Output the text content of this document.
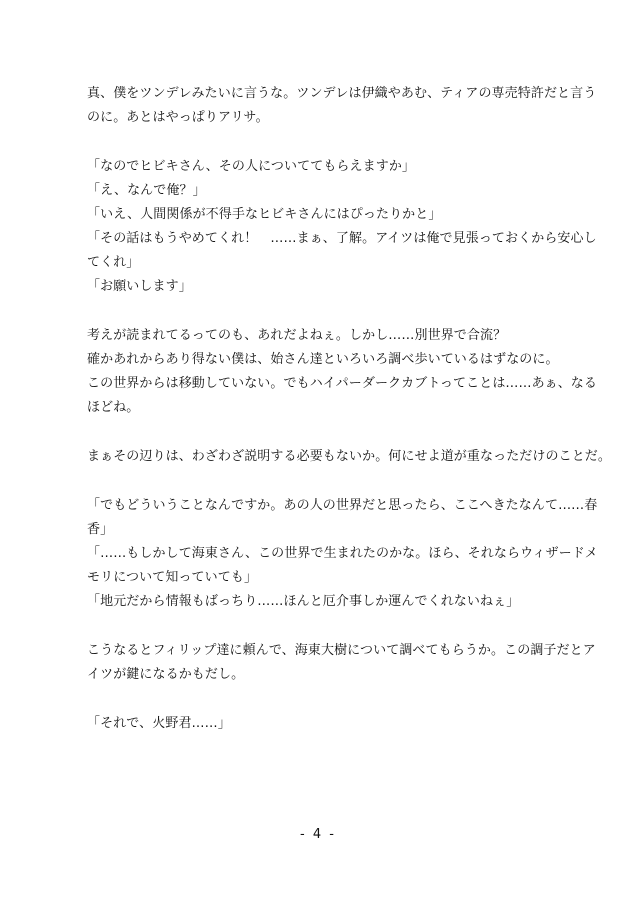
真、僕をツンデレみたいに言うな。ツンデレは伊織やあむ、ティアの専売特許だと言う
のに。あとはやっぱりアリサ。
「なのでヒビキさん、その人についててもらえますか」
「え、なんで俺？」
「いえ、人間関係が不得手なヒビキさんにはぴったりかと」
「その話はもうやめてくれ！　……まぁ、了解。アイツは俺で見張っておくから安心し
てくれ」
「お願いします」
考えが読まれてるってのも、あれだよねぇ。しかし……別世界で合流？
確かあれからあり得ない僕は、始さん達といろいろ調べ歩いているはずなのに。
この世界からは移動していない。でもハイパーダークカブトってことは……あぁ、なる
ほどね。
まぁその辺りは、わざわざ説明する必要もないか。何にせよ道が重なっただけのことだ。
「でもどういうことなんですか。あの人の世界だと思ったら、ここへきたなんて……春
香」
「……もしかして海東さん、この世界で生まれたのかな。ほら、それならウィザードメ
モリについて知っていても」
「地元だから情報もばっちり……ほんと厄介事しか運んでくれないねぇ」
こうなるとフィリップ達に頼んで、海東大樹について調べてもらうか。この調子だとア
イツが鍵になるかもだし。
「それで、火野君……」
- 4 -
